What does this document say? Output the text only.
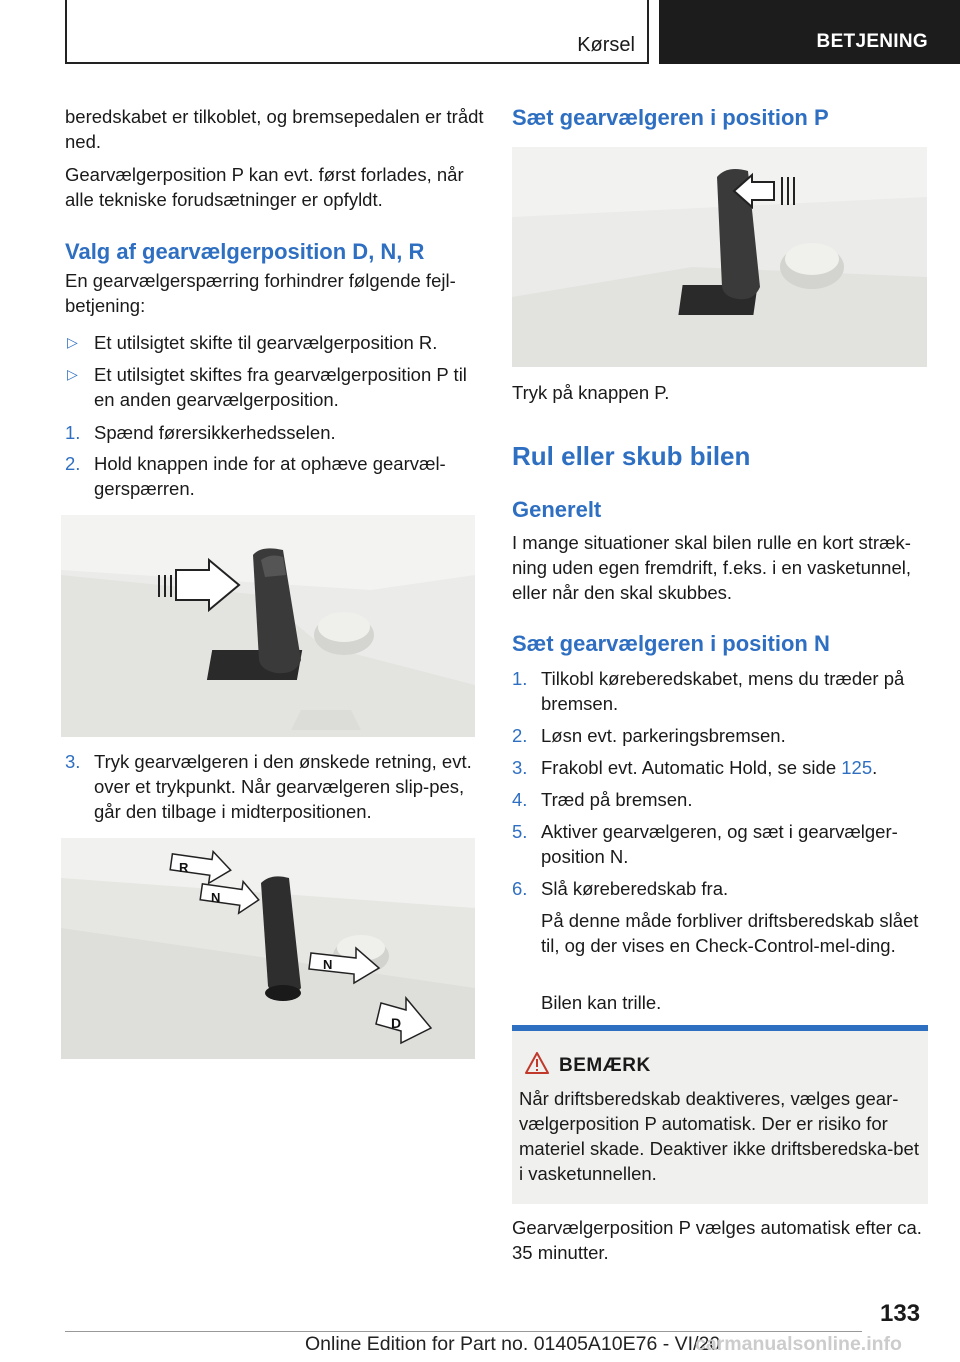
Kørsel	BETJENING

beredskabet er tilkoblet, og bremsepedalen er trådt ned.

Gearvælgerposition P kan evt. først forlades, når alle tekniske forudsætninger er opfyldt.

Valg af gearvælgerposition D, N, R

En gearvælgerspærring forhindrer følgende fejl-betjening:

▷ Et utilsigtet skifte til gearvælgerposition R.
▷ Et utilsigtet skiftes fra gearvælgerposition P til en anden gearvælgerposition.
1. Spænd førersikkerhedsselen.
2. Hold knappen inde for at ophæve gearvæl-gerspærren.
3. Tryk gearvælgeren i den ønskede retning, evt. over et trykpunkt. Når gearvælgeren slip-pes, går den tilbage i midterpositionen.
R
N
N
D
Sæt gearvælgeren i position P

Tryk på knappen P.

Rul eller skub bilen
Generelt

I mange situationer skal bilen rulle en kort stræk-ning uden egen fremdrift, f.eks. i en vasketunnel, eller når den skal skubbes.

Sæt gearvælgeren i position N
1. Tilkobl køreberedskabet, mens du træder på bremsen.
2. Løsn evt. parkeringsbremsen.
3. Frakobl evt. Automatic Hold, se side 125.
4. Træd på bremsen.
5. Aktiver gearvælgeren, og sæt i gearvælger-position N.
6. Slå køreberedskab fra.

På denne måde forbliver driftsberedskab slået til, og der vises en Check-Control-mel-ding.

Bilen kan trille.

BEMÆRK

Når driftsberedskab deaktiveres, vælges gear-vælgerposition P automatisk. Der er risiko for materiel skade. Deaktiver ikke driftsberedska-bet i vasketunnellen.

Gearvælgerposition P vælges automatisk efter ca. 35 minutter.

133
Online Edition for Part no. 01405A10E76 - VI/20
carmanualsonline.info
